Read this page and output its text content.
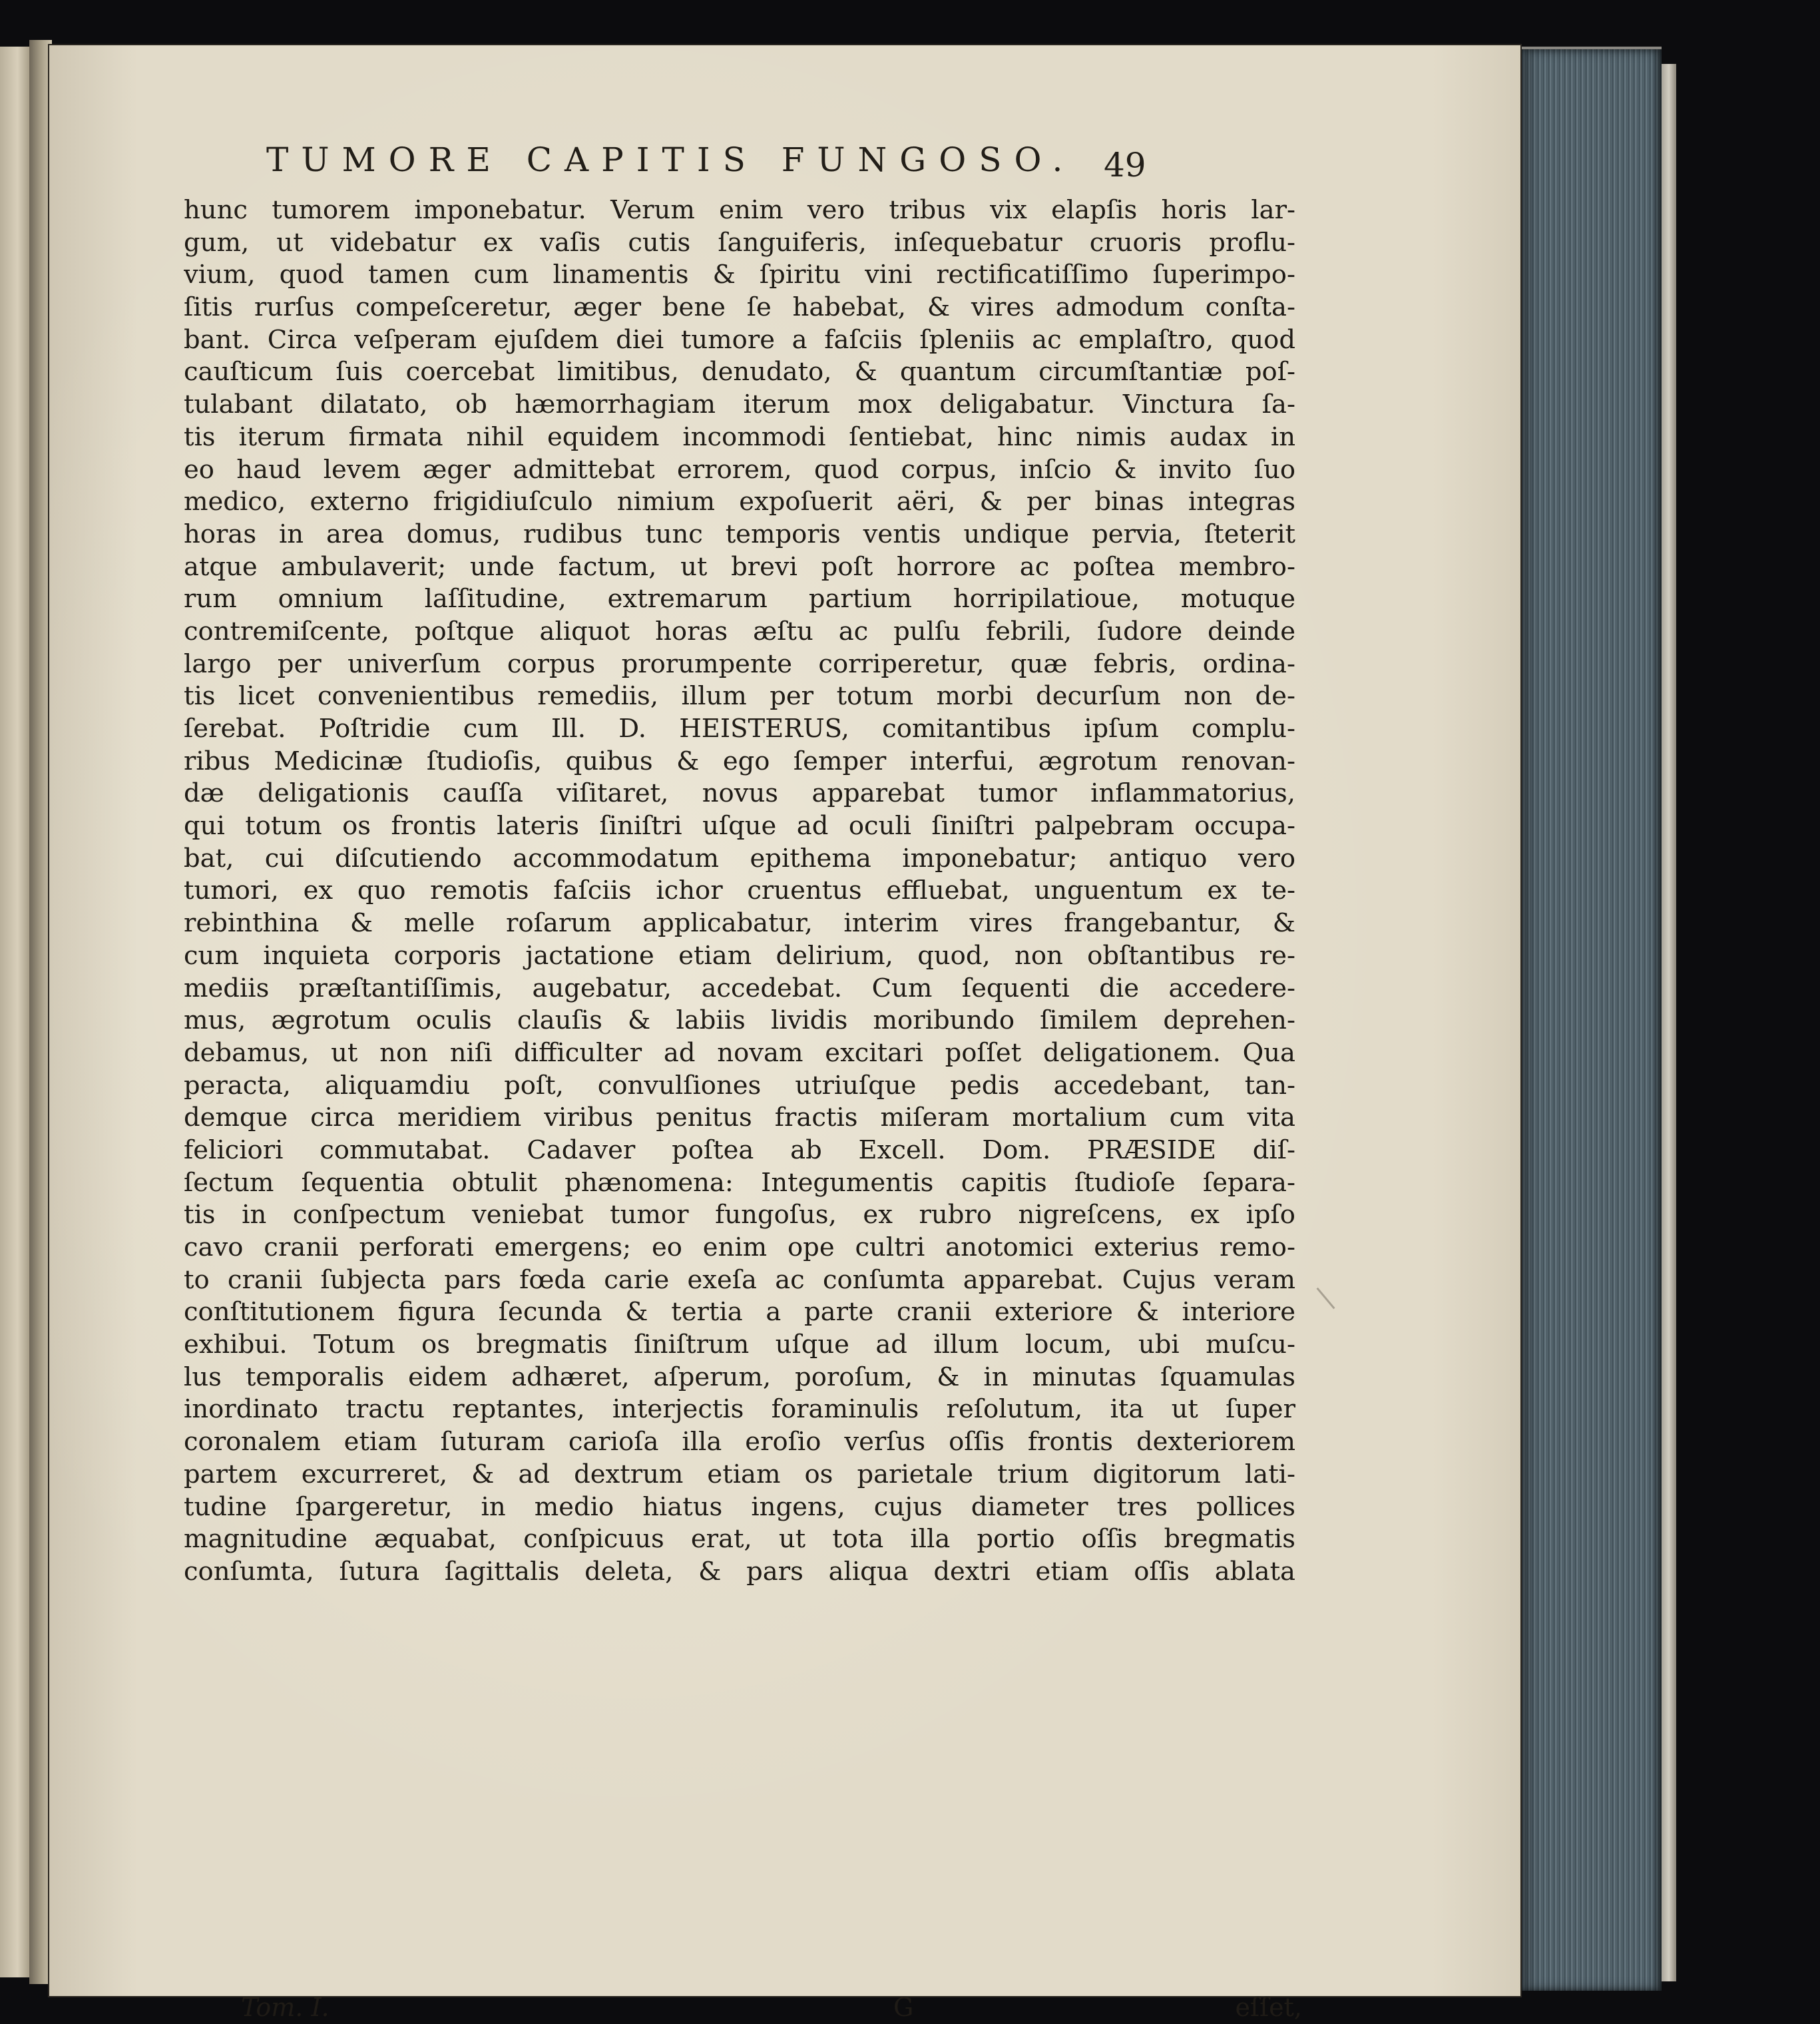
TUMORE CAPITIS FUNGOSO. 49
hunc tumorem imponebatur. Verum enim vero tribus vix elapſis horis lar-
gum, ut videbatur ex vaſis cutis ſanguiferis, inſequebatur cruoris proflu-
vium, quod tamen cum linamentis & ſpiritu vini rectificatiſſimo ſuperimpo-
ſitis rurſus compeſceretur, æger bene ſe habebat, & vires admodum conſta-
bant. Circa veſperam ejuſdem diei tumore a faſciis ſpleniis ac emplaſtro, quod
cauſticum ſuis coercebat limitibus, denudato, & quantum circumſtantiæ poſ-
tulabant dilatato, ob hæmorrhagiam iterum mox deligabatur. Vinctura ſa-
tis iterum firmata nihil equidem incommodi ſentiebat, hinc nimis audax in
eo haud levem æger admittebat errorem, quod corpus, inſcio & invito ſuo
medico, externo frigidiuſculo nimium expoſuerit aëri, & per binas integras
horas in area domus, rudibus tunc temporis ventis undique pervia, ſteterit
atque ambulaverit; unde factum, ut brevi poſt horrore ac poſtea membro-
rum omnium laſſitudine, extremarum partium horripilatioue, motuque
contremiſcente, poſtque aliquot horas æſtu ac pulſu febrili, ſudore deinde
largo per univerſum corpus prorumpente corriperetur, quæ febris, ordina-
tis licet convenientibus remediis, illum per totum morbi decurſum non de-
ſerebat. Poſtridie cum Ill. D. HEISTERUS, comitantibus ipſum complu-
ribus Medicinæ ſtudioſis, quibus & ego ſemper interfui, ægrotum renovan-
dæ deligationis cauſſa viſitaret, novus apparebat tumor inflammatorius,
qui totum os frontis lateris ſiniſtri uſque ad oculi ſiniſtri palpebram occupa-
bat, cui diſcutiendo accommodatum epithema imponebatur; antiquo vero
tumori, ex quo remotis faſciis ichor cruentus effluebat, unguentum ex te-
rebinthina & melle roſarum applicabatur, interim vires frangebantur, &
cum inquieta corporis jactatione etiam delirium, quod, non obſtantibus re-
mediis præſtantiſſimis, augebatur, accedebat. Cum ſequenti die accedere-
mus, ægrotum oculis clauſis & labiis lividis moribundo ſimilem deprehen-
debamus, ut non niſi difficulter ad novam excitari poſſet deligationem. Qua
peracta, aliquamdiu poſt, convulſiones utriuſque pedis accedebant, tan-
demque circa meridiem viribus penitus fractis miſeram mortalium cum vita
feliciori commutabat. Cadaver poſtea ab Excell. Dom. PRÆSIDE diſ-
ſectum ſequentia obtulit phænomena: Integumentis capitis ſtudioſe ſepara-
tis in conſpectum veniebat tumor fungoſus, ex rubro nigreſcens, ex ipſo
cavo cranii perforati emergens; eo enim ope cultri anotomici exterius remo-
to cranii ſubjecta pars fœda carie exeſa ac conſumta apparebat. Cujus veram
conſtitutionem figura ſecunda & tertia a parte cranii exteriore & interiore
exhibui. Totum os bregmatis ſiniſtrum uſque ad illum locum, ubi muſcu-
lus temporalis eidem adhæret, aſperum, poroſum, & in minutas ſquamulas
inordinato tractu reptantes, interjectis foraminulis reſolutum, ita ut ſuper
coronalem etiam ſuturam carioſa illa eroſio verſus oſſis frontis dexteriorem
partem excurreret, & ad dextrum etiam os parietale trium digitorum lati-
tudine ſpargeretur, in medio hiatus ingens, cujus diameter tres pollices
magnitudine æquabat, conſpicuus erat, ut tota illa portio oſſis bregmatis
conſumta, ſutura ſagittalis deleta, & pars aliqua dextri etiam oſſis ablata
Tom. I.	G	eſſet,
